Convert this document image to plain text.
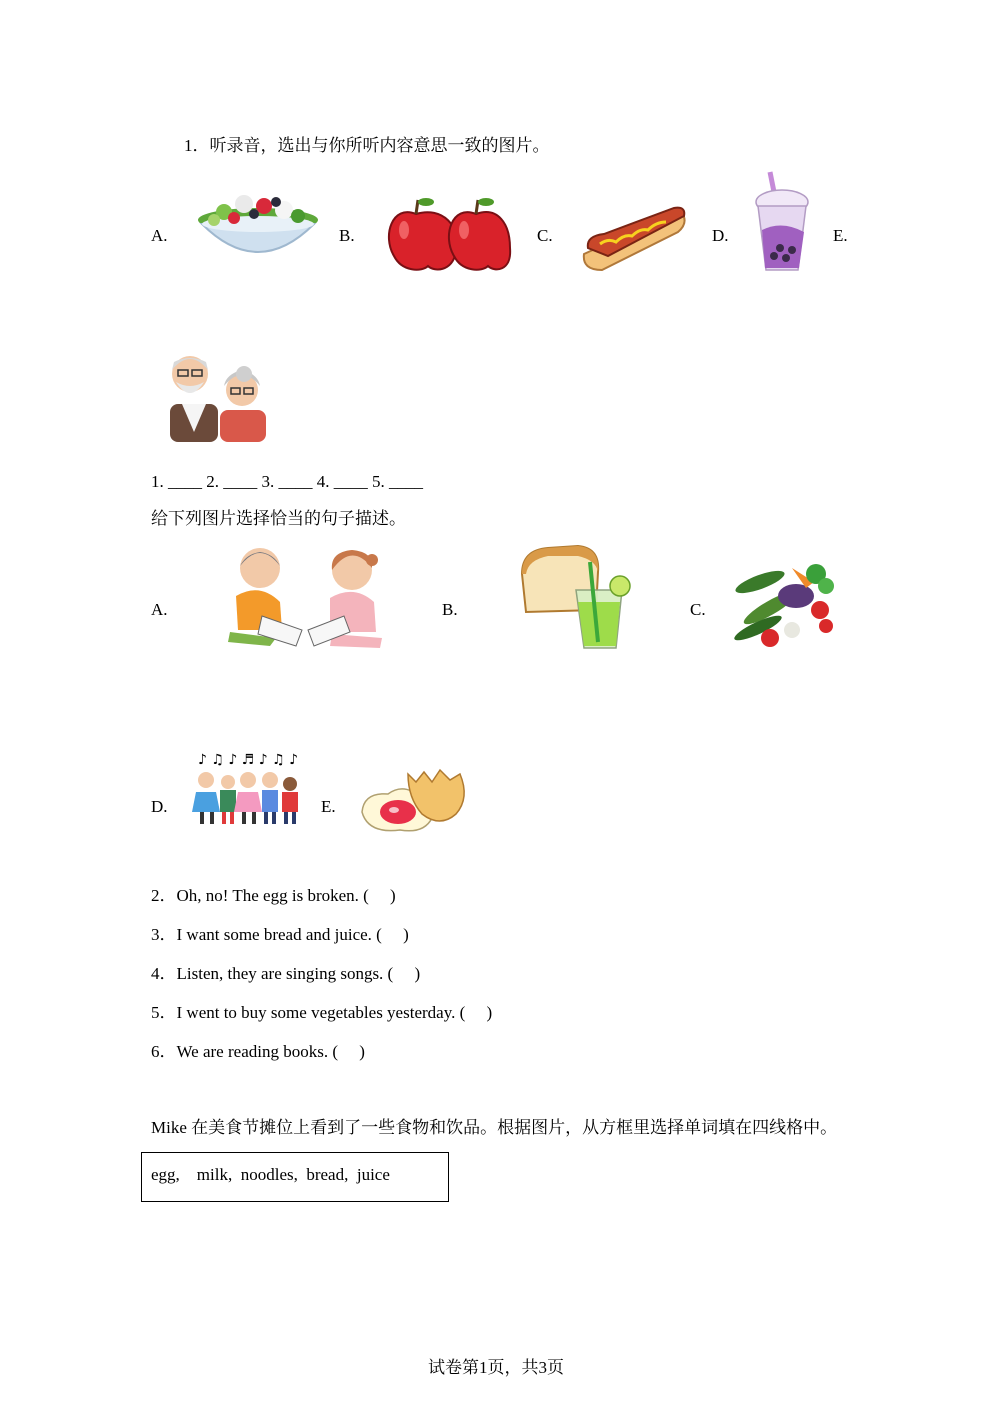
1．听录音，选出与你所听内容意思一致的图片。
A.	B.	C.	D.	E.
1. ____ 2. ____ 3. ____ 4. ____ 5. ____
给下列图片选择恰当的句子描述。
A.	B.	C.
D.
♪ ♫ ♪ ♬ ♪ ♫ ♪
E.
2．Oh, no! The egg is broken. (　 )
3．I want some bread and juice. (　 )
4．Listen, they are singing songs. (　 )
5．I went to buy some vegetables yesterday. (　 )
6．We are reading books. (　 )
Mike 在美食节摊位上看到了一些食物和饮品。根据图片，从方框里选择单词填在四线格中。
egg,　milk,  noodles,  bread,  juice
试卷第1页，共3页
